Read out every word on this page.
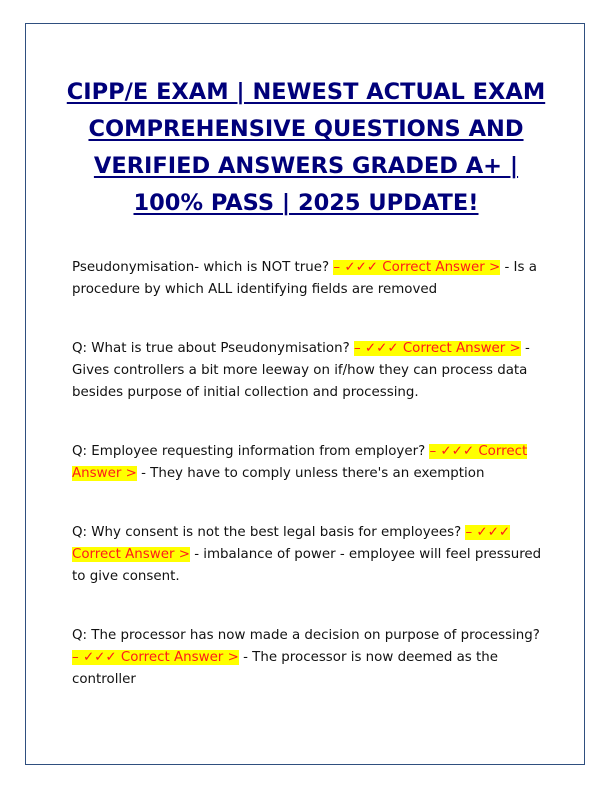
CIPP/E EXAM | NEWEST ACTUAL EXAM COMPREHENSIVE QUESTIONS AND VERIFIED ANSWERS GRADED A+ | 100% PASS | 2025 UPDATE!

Pseudonymisation- which is NOT true? – ✓✓✓ Correct Answer > - Is a procedure by which ALL identifying fields are removed

Q: What is true about Pseudonymisation? – ✓✓✓ Correct Answer > - Gives controllers a bit more leeway on if/how they can process data besides purpose of initial collection and processing.

Q: Employee requesting information from employer? – ✓✓✓ Correct Answer > - They have to comply unless there's an exemption

Q: Why consent is not the best legal basis for employees? – ✓✓✓ Correct Answer > - imbalance of power - employee will feel pressured to give consent.

Q: The processor has now made a decision on purpose of processing? – ✓✓✓ Correct Answer > - The processor is now deemed as the controller
